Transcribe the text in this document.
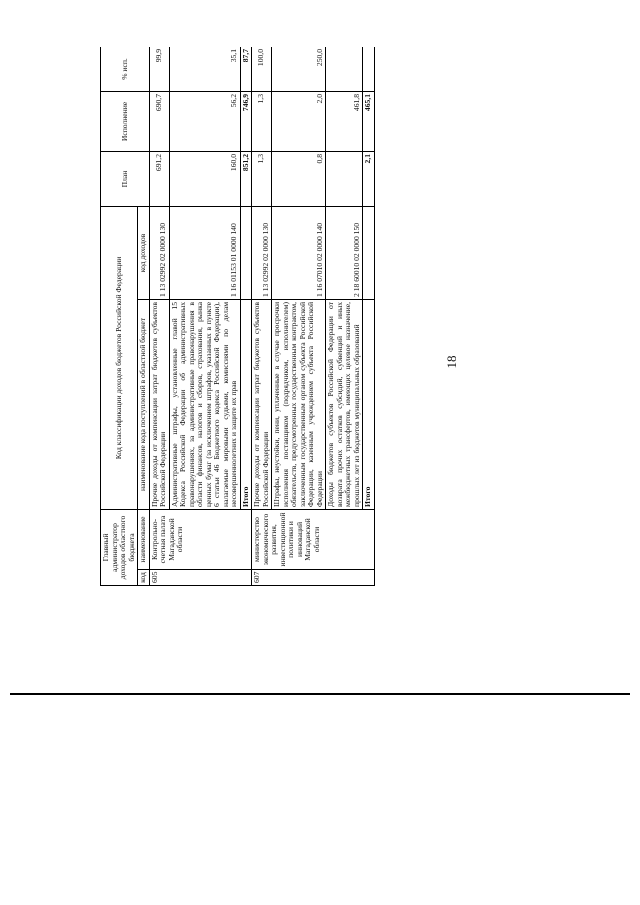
18
Главный администратор доходов областного бюджета		Код классификации доходов бюджетов Российской Федерации		План	Исполнение	% исп.
код	наименование	наименование кода поступлений в областной бюджет	код доходов			
605	Контрольно-счетная палата Магаданской области	Прочие доходы от компенсации затрат бюджетов субъектов Российской Федерации	1 13 02992 02 0000 130	691,2	690,7	99,9
		Административные штрафы, установленные главой 15 Кодекса Российской Федерации об административных правонарушениях, за административные правонарушения в области финансов, налогов и сборов, страхования, рынка ценных бумаг (за исключением штрафов, указанных в пункте 6 статьи 46 Бюджетного кодекса Российской Федерации), налагаемые мировыми судьями, комиссиями по делам несовершеннолетних и защите их прав	1 16 01153 01 0000 140	160,0	56,2	35,1
		Итого		851,2	746,9	87,7
607	министерство экономического развития, инвестиционной политики и инноваций Магаданской области	Прочие доходы от компенсации затрат бюджетов субъектов Российской Федерации	1 13 02992 02 0000 130	1,3	1,3	100,0
		Штрафы, неустойки, пени, уплаченные в случае просрочки исполнения поставщиком (подрядчиком, исполнителем) обязательств, предусмотренных государственным контрактом, заключенным государственным органом субъекта Российской Федерации, казенным учреждением субъекта Российской Федерации	1 16 07010 02 0000 140	0,8	2,0	250,0
		Доходы бюджетов субъектов Российской Федерации от возврата прочих остатков субсидий, субвенций и иных межбюджетных трансфертов, имеющих целевое назначение, прошлых лет из бюджетов муниципальных образований	2 18 60010 02 0000 150		461,8	
		Итого		2,1	465,1	
